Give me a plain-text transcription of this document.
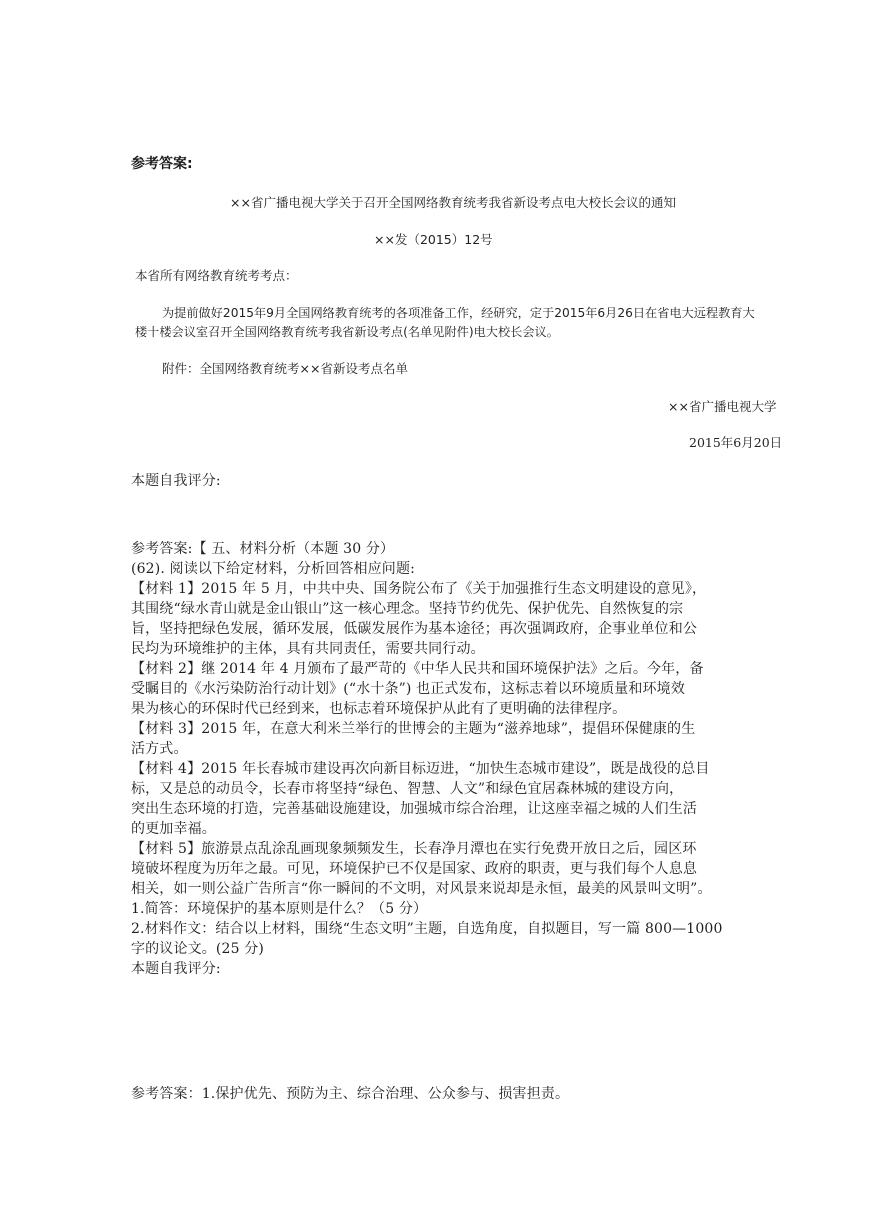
参考答案:
××省广播电视大学关于召开全国网络教育统考我省新设考点电大校长会议的通知
××发（2015）12号
本省所有网络教育统考考点：
为提前做好2015年9月全国网络教育统考的各项准备工作，经研究，定于2015年6月26日在省电大远程教育大
楼十楼会议室召开全国网络教育统考我省新设考点(名单见附件)电大校长会议。
附件：全国网络教育统考××省新设考点名单
××省广播电视大学
2015年6月20日
本题自我评分:
参考答案:【 五、材料分析（本题 30 分）
(62). 阅读以下给定材料，分析回答相应问题:
【材料 1】2015 年 5 月，中共中央、国务院公布了《关于加强推行生态文明建设的意见》，
其围绕“绿水青山就是金山银山”这一核心理念。坚持节约优先、保护优先、自然恢复的宗
旨，坚持把绿色发展，循环发展，低碳发展作为基本途径；再次强调政府，企事业单位和公
民均为环境维护的主体，具有共同责任，需要共同行动。
【材料 2】继 2014 年 4 月颁布了最严苛的《中华人民共和国环境保护法》之后。今年，备
受瞩目的《水污染防治行动计划》(“水十条”) 也正式发布，这标志着以环境质量和环境效
果为核心的环保时代已经到来，也标志着环境保护从此有了更明确的法律程序。
【材料 3】2015 年，在意大利米兰举行的世博会的主题为“滋养地球”，提倡环保健康的生
活方式。
【材料 4】2015 年长春城市建设再次向新目标迈进，“加快生态城市建设”，既是战役的总目
标，又是总的动员令，长春市将坚持“绿色、智慧、人文”和绿色宜居森林城的建设方向，
突出生态环境的打造，完善基础设施建设，加强城市综合治理，让这座幸福之城的人们生活
的更加幸福。
【材料 5】旅游景点乱涂乱画现象频频发生，长春净月潭也在实行免费开放日之后，园区环
境破坏程度为历年之最。可见，环境保护已不仅是国家、政府的职责，更与我们每个人息息
相关，如一则公益广告所言“你一瞬间的不文明，对风景来说却是永恒，最美的风景叫文明”。
1.简答：环境保护的基本原则是什么？（5 分）
2.材料作文：结合以上材料，围绕“生态文明”主题，自选角度，自拟题目，写一篇 800—1000
字的议论文。(25 分)
本题自我评分:
参考答案：1.保护优先、预防为主、综合治理、公众参与、损害担责。
